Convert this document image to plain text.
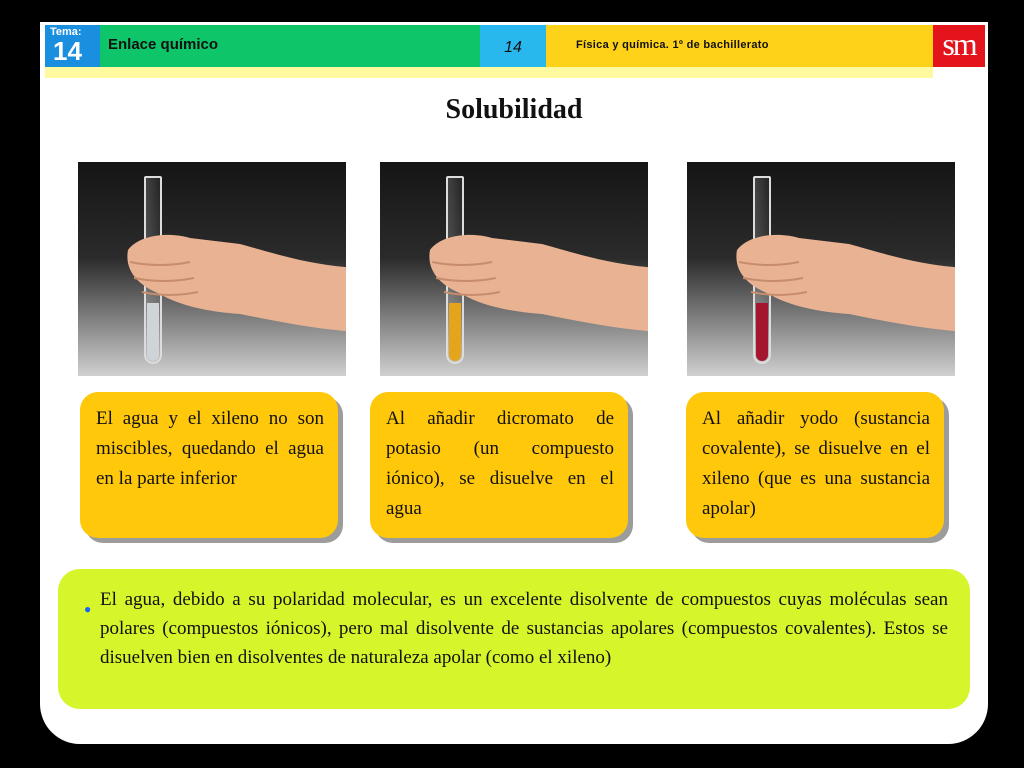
Tema:
14 Enlace químico	14	Física y química. 1º de bachillerato	sm
Solubilidad
El agua y el xileno no son miscibles, quedando el agua en la parte inferior
Al añadir dicromato de potasio (un compuesto iónico), se disuelve en el agua
Al añadir yodo (sustancia covalente), se disuelve en el xileno (que es una sustancia apolar)
● El agua, debido a su polaridad molecular, es un excelente disolvente de compuestos cuyas moléculas sean polares (compuestos iónicos), pero mal disolvente de sustancias apolares (compuestos covalentes). Estos se disuelven bien en disolventes de naturaleza apolar (como el xileno)
